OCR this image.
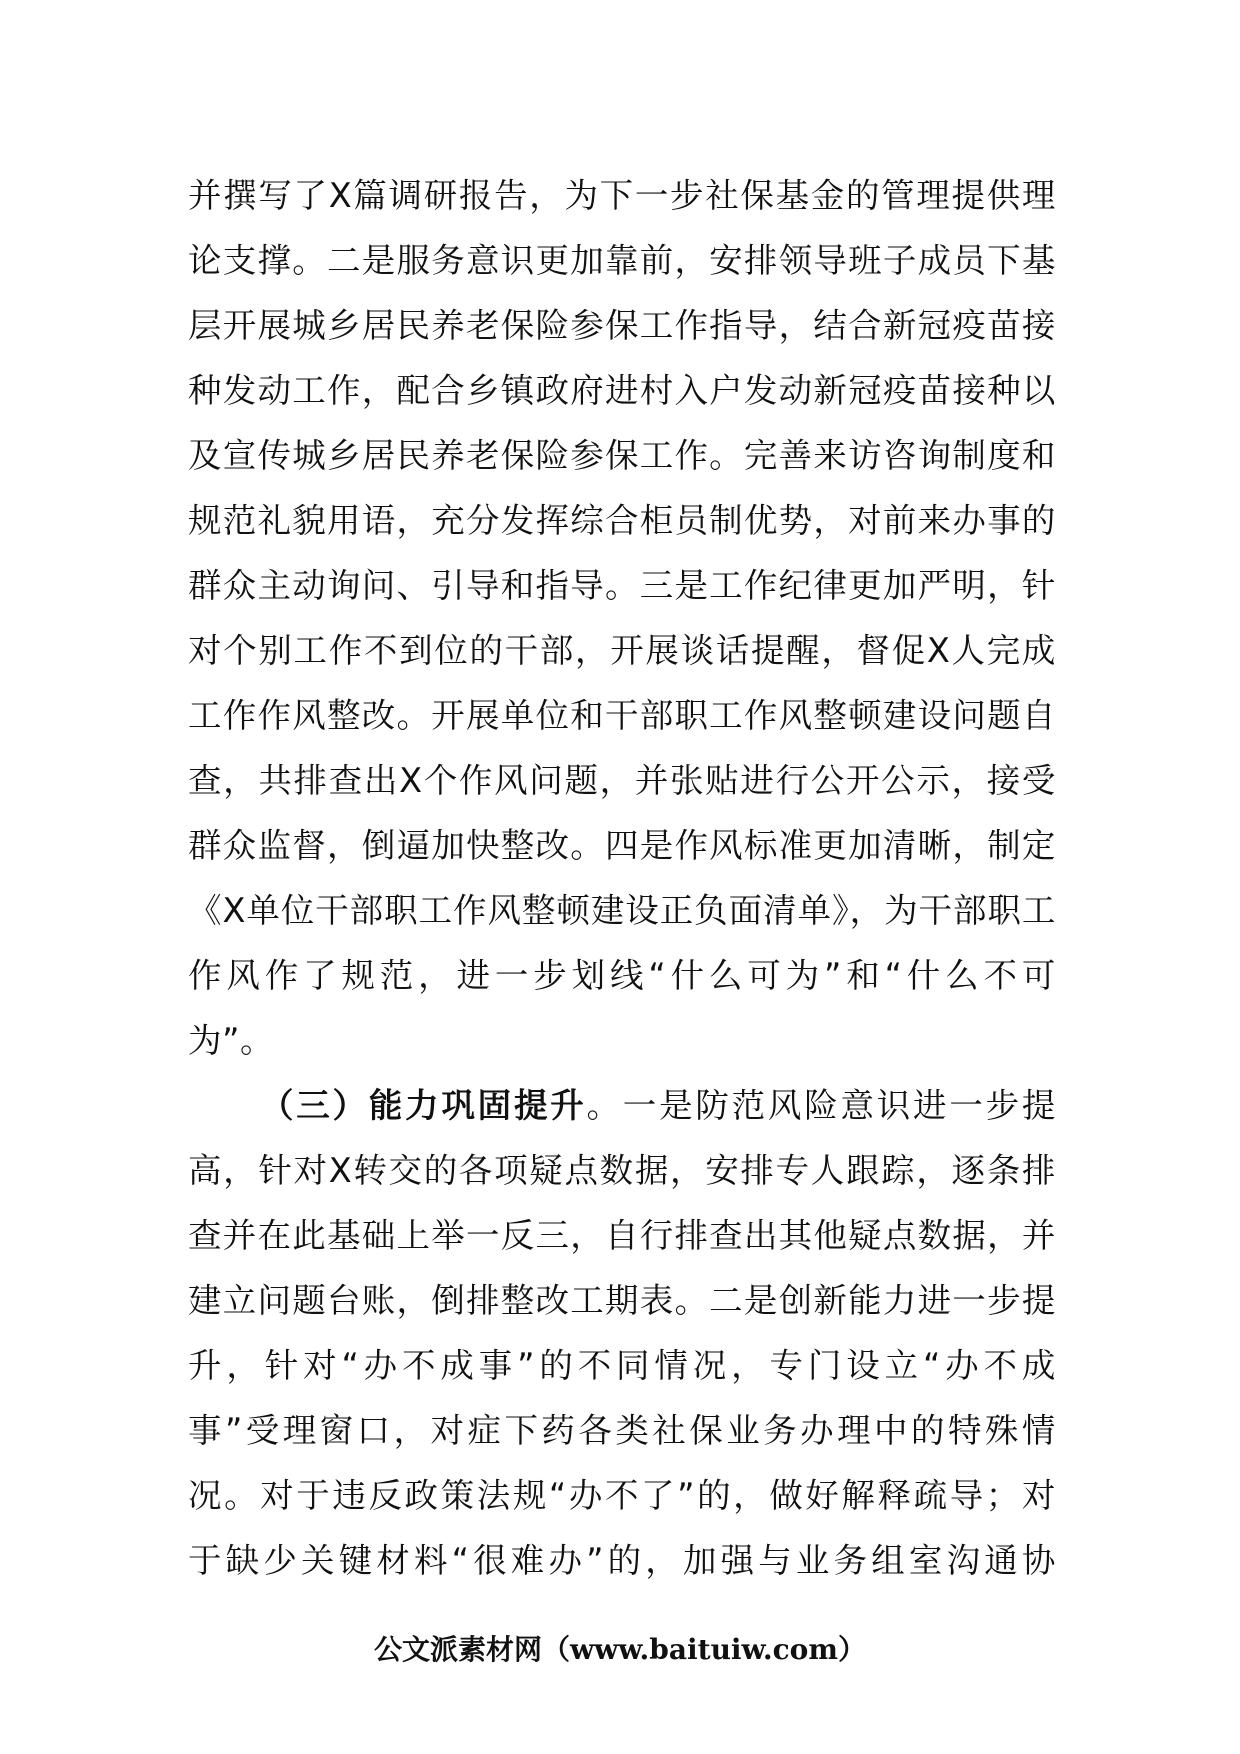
并撰写了X篇调研报告，为下一步社保基金的管理提供理
论支撑。二是服务意识更加靠前，安排领导班子成员下基
层开展城乡居民养老保险参保工作指导，结合新冠疫苗接
种发动工作，配合乡镇政府进村入户发动新冠疫苗接种以
及宣传城乡居民养老保险参保工作。完善来访咨询制度和
规范礼貌用语，充分发挥综合柜员制优势，对前来办事的
群众主动询问、引导和指导。三是工作纪律更加严明，针
对个别工作不到位的干部，开展谈话提醒，督促X人完成
工作作风整改。开展单位和干部职工作风整顿建设问题自
查，共排查出X个作风问题，并张贴进行公开公示，接受
群众监督，倒逼加快整改。四是作风标准更加清晰，制定
《X单位干部职工作风整顿建设正负面清单》，为干部职工
作风作了规范，进一步划线“什么可为”和“什么不可
为”。
（三）能力巩固提升。一是防范风险意识进一步提
高，针对X转交的各项疑点数据，安排专人跟踪，逐条排
查并在此基础上举一反三，自行排查出其他疑点数据，并
建立问题台账，倒排整改工期表。二是创新能力进一步提
升，针对“办不成事”的不同情况，专门设立“办不成
事”受理窗口，对症下药各类社保业务办理中的特殊情
况。对于违反政策法规“办不了”的，做好解释疏导；对
于缺少关键材料“很难办”的，加强与业务组室沟通协
公文派素材网（www.baituiw.com）
